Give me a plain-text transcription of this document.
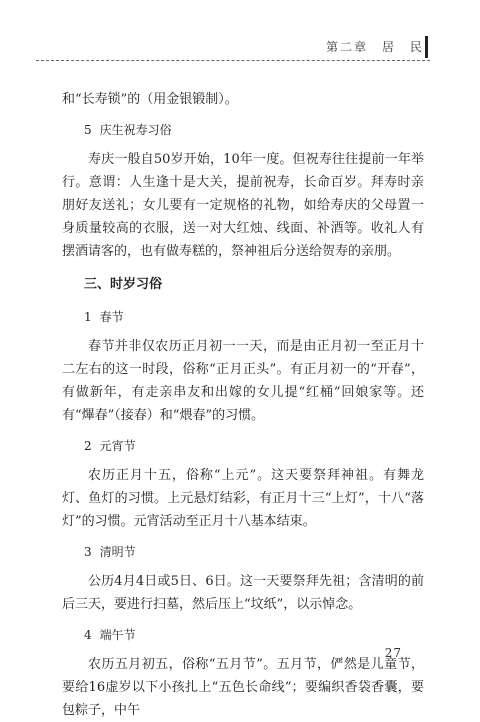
第二章　居　民

和“长寿锁”的（用金银锻制）。

5 庆生祝寿习俗

寿庆一般自50岁开始，10年一度。但祝寿往往提前一年举行。意谓：人生逢十是大关，提前祝寿，长命百岁。拜寿时亲朋好友送礼；女儿要有一定规格的礼物，如给寿庆的父母置一身质量较高的衣服，送一对大红烛、线面、补酒等。收礼人有摆酒请客的，也有做寿糕的，祭神祖后分送给贺寿的亲朋。

三、时岁习俗
1 春节

春节并非仅农历正月初一一天，而是由正月初一至正月十二左右的这一时段，俗称“正月正头”。有正月初一的“开春”，有做新年，有走亲串友和出嫁的女儿提“红桶”回娘家等。还有“熚春”（接春）和“煨春”的习惯。

2 元宵节

农历正月十五，俗称“上元”。这天要祭拜神祖。有舞龙灯、鱼灯的习惯。上元悬灯结彩，有正月十三“上灯”，十八“落灯”的习惯。元宵活动至正月十八基本结束。

3 清明节

公历4月4日或5日、6日。这一天要祭拜先祖；含清明的前后三天，要进行扫墓，然后压上“坟纸”，以示悼念。

4 端午节

农历五月初五，俗称“五月节”。五月节，俨然是儿童节，要给16虚岁以下小孩扎上“五色长命线”；要编织香袋香囊，要包粽子，中午

27
